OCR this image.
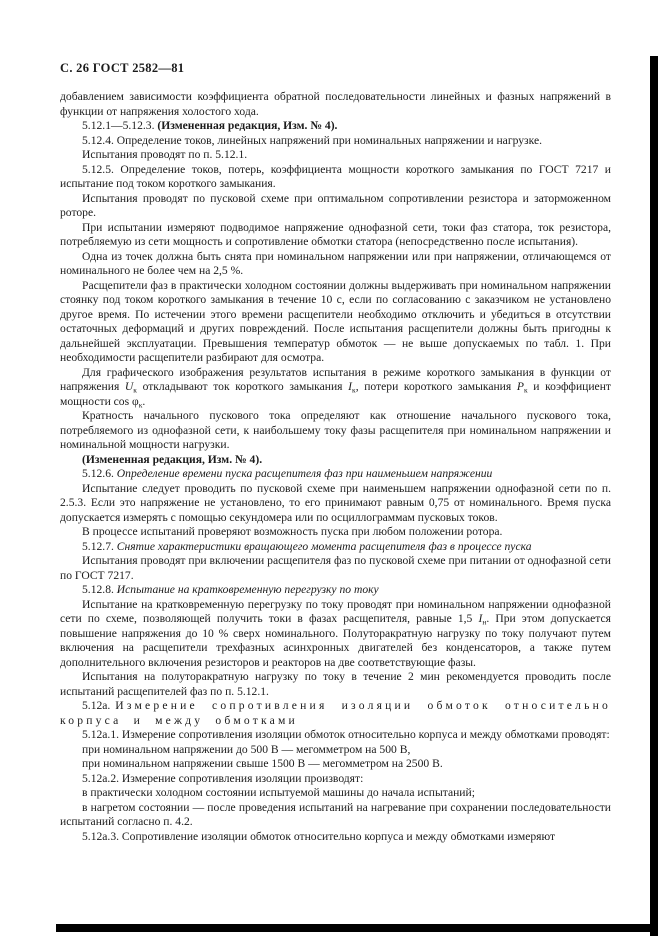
С. 26 ГОСТ 2582—81

добавлением зависимости коэффициента обратной последовательности линейных и фазных напряжений в функции от напряжения холостого хода.

5.12.1—5.12.3. (Измененная редакция, Изм. № 4).

5.12.4. Определение токов, линейных напряжений при номинальных напряжении и нагрузке.

Испытания проводят по п. 5.12.1.

5.12.5. Определение токов, потерь, коэффициента мощности короткого замыкания по ГОСТ 7217 и испытание под током короткого замыкания.

Испытания проводят по пусковой схеме при оптимальном сопротивлении резистора и заторможенном роторе.

При испытании измеряют подводимое напряжение однофазной сети, токи фаз статора, ток резистора, потребляемую из сети мощность и сопротивление обмотки статора (непосредственно после испытания).

Одна из точек должна быть снята при номинальном напряжении или при напряжении, отличающемся от номинального не более чем на 2,5 %.

Расщепители фаз в практически холодном состоянии должны выдерживать при номинальном напряжении стоянку под током короткого замыкания в течение 10 с, если по согласованию с заказчиком не установлено другое время. По истечении этого времени расщепители необходимо отключить и убедиться в отсутствии остаточных деформаций и других повреждений. После испытания расщепители должны быть пригодны к дальнейшей эксплуатации. Превышения температур обмоток — не выше допускаемых по табл. 1. При необходимости расщепители разбирают для осмотра.

Для графического изображения результатов испытания в режиме короткого замыкания в функции от напряжения $U_к$ откладывают ток короткого замыкания $I_к$, потери короткого замыкания $P_к$ и коэффициент мощности $\cos \varphi_к$.

Кратность начального пускового тока определяют как отношение начального пускового тока, потребляемого из однофазной сети, к наибольшему току фазы расщепителя при номинальном напряжении и номинальной мощности нагрузки.

(Измененная редакция, Изм. № 4).

5.12.6. Определение времени пуска расщепителя фаз при наименьшем напряжении

Испытание следует проводить по пусковой схеме при наименьшем напряжении однофазной сети по п. 2.5.3. Если это напряжение не установлено, то его принимают равным 0,75 от номинального. Время пуска допускается измерять с помощью секундомера или по осциллограммам пусковых токов.

В процессе испытаний проверяют возможность пуска при любом положении ротора.

5.12.7. Снятие характеристики вращающего момента расщепителя фаз в процессе пуска

Испытания проводят при включении расщепителя фаз по пусковой схеме при питании от однофазной сети по ГОСТ 7217.

5.12.8. Испытание на кратковременную перегрузку по току

Испытание на кратковременную перегрузку по току проводят при номинальном напряжении однофазной сети по схеме, позволяющей получить токи в фазах расщепителя, равные 1,5 $I_н$. При этом допускается повышение напряжения до 10 % сверх номинального. Полуторакратную нагрузку по току получают путем включения на расщепители трехфазных асинхронных двигателей без конденсаторов, а также путем дополнительного включения резисторов и реакторов на две соответствующие фазы.

Испытания на полуторакратную нагрузку по току в течение 2 мин рекомендуется проводить после испытаний расщепителей фаз по п. 5.12.1.

5.12а. Измерение сопротивления изоляции обмоток относительно корпуса и между обмотками

5.12а.1. Измерение сопротивления изоляции обмоток относительно корпуса и между обмотками проводят:

при номинальном напряжении до 500 В — мегомметром на 500 В,

при номинальном напряжении свыше 1500 В — мегомметром на 2500 В.

5.12а.2. Измерение сопротивления изоляции производят:

в практически холодном состоянии испытуемой машины до начала испытаний;

в нагретом состоянии — после проведения испытаний на нагревание при сохранении последовательности испытаний согласно п. 4.2.

5.12а.3. Сопротивление изоляции обмоток относительно корпуса и между обмотками измеряют
